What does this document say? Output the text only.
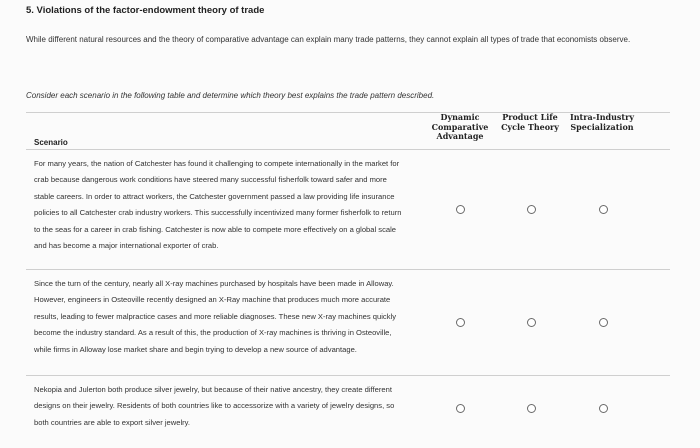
5. Violations of the factor-endowment theory of trade

While different natural resources and the theory of comparative advantage can explain many trade patterns, they cannot explain all types of trade that economists observe.

Consider each scenario in the following table and determine which theory best explains the trade pattern described.

Scenario
Dynamic Comparative Advantage
Product Life Cycle Theory
Intra-Industry Specialization

For many years, the nation of Catchester has found it challenging to compete internationally in the market for crab because dangerous work conditions have steered many successful fisherfolk toward safer and more stable careers. In order to attract workers, the Catchester government passed a law providing life insurance policies to all Catchester crab industry workers. This successfully incentivized many former fisherfolk to return to the seas for a career in crab fishing. Catchester is now able to compete more effectively on a global scale and has become a major international exporter of crab.

Since the turn of the century, nearly all X-ray machines purchased by hospitals have been made in Alloway. However, engineers in Osteoville recently designed an X-Ray machine that produces much more accurate results, leading to fewer malpractice cases and more reliable diagnoses. These new X-ray machines quickly become the industry standard. As a result of this, the production of X-ray machines is thriving in Osteoville, while firms in Alloway lose market share and begin trying to develop a new source of advantage.

Nekopia and Julerton both produce silver jewelry, but because of their native ancestry, they create different designs on their jewelry. Residents of both countries like to accessorize with a variety of jewelry designs, so both countries are able to export silver jewelry.
